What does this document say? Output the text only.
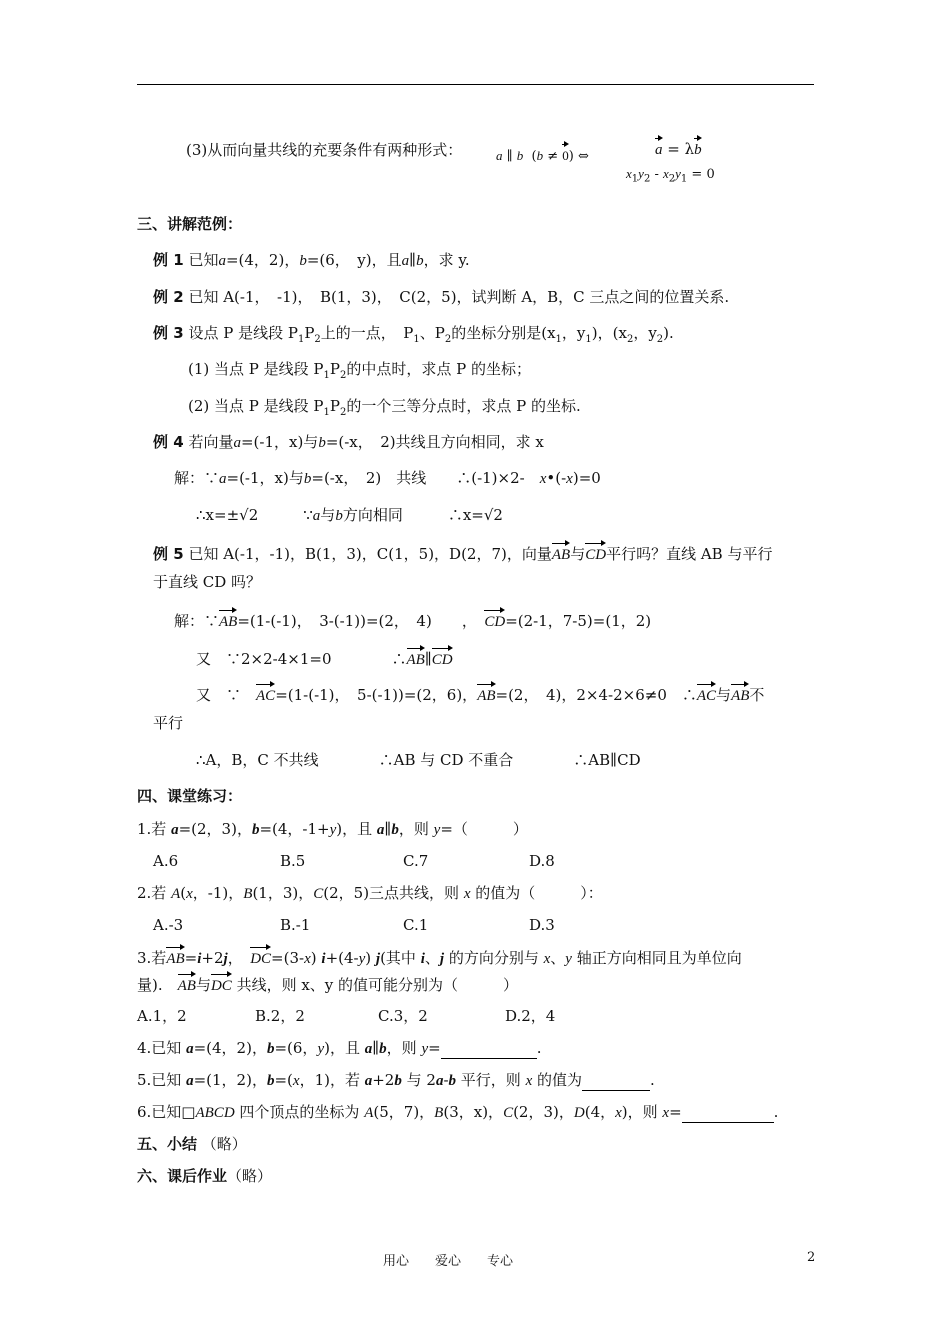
(3)从而向量共线的充要条件有两种形式：	a ∥ b  (b ≠ 0) ⇔	a = λb
$x_1y_2 - x_2y_1 = 0$
三、讲解范例：
例 1 已知a=(4，2)，b=(6，　y)，且a∥b，求 y.
例 2 已知 A(-1，　-1)，　B(1，3)，　C(2，5)，试判断 A，B，C 三点之间的位置关系.
例 3 设点 P 是线段 $P_1P_2$上的一点，　$P_1$、$P_2$的坐标分别是($x_1$，$y_1$)，($x_2$，$y_2$).
(1) 当点 P 是线段 $P_1P_2$的中点时，求点 P 的坐标；
(2) 当点 P 是线段 $P_1P_2$的一个三等分点时，求点 P 的坐标.
例 4 若向量a=(-1，x)与b=(-x，　2)共线且方向相同，求 x
解：∵a=(-1，x)与b=(-x，　2)　共线　　∴(-1)×2-　x•(-x)=0
∴x=±√2　　　∵a与b方向相同　　　∴x=√2
例 5 已知 A(-1，-1)，B(1，3)，C(1，5)，D(2，7)，向量AB与CD平行吗？直线 AB 与平行
于直线 CD 吗？
解：∵AB=(1-(-1)，　3-(-1))=(2，　4)　　，　CD=(2-1，7-5)=(1，2)
又　∵2×2-4×1=0　　　　∴AB∥CD
又　∵　AC=(1-(-1)，　5-(-1))=(2，6)，AB=(2，　4)，2×4-2×6≠0　∴AC与AB不
平行
∴A，B，C 不共线　　　　∴AB 与 CD 不重合　　　　∴AB∥CD
四、课堂练习：
1.若 a=(2，3)，b=(4，-1+y)，且 a∥b，则 y=（　　　）
A.6	B.5	C.7	D.8
2.若 A(x，-1)，B(1，3)，C(2，5)三点共线，则 x 的值为（　　　）：
A.-3	B.-1	C.1	D.3
3.若AB=i+2j，　DC=(3-x) i+(4-y) j(其中 i、j 的方向分别与 x、y 轴正方向相同且为单位向
量).　AB与DC 共线，则 x、y 的值可能分别为（　　　）
A.1，2	B.2，2	C.3，2	D.2，4
4.已知 a=(4，2)，b=(6，y)，且 a∥b，则 y=	.
5.已知 a=(1，2)，b=(x，1)，若 a+2b 与 2a-b 平行，则 x 的值为	.
6.已知□ABCD 四个顶点的坐标为 A(5，7)，B(3，x)，C(2，3)，D(4，x)，则 x=	.
五、小结 （略）
六、课后作业（略）
用心　　爱心　　专心	2
